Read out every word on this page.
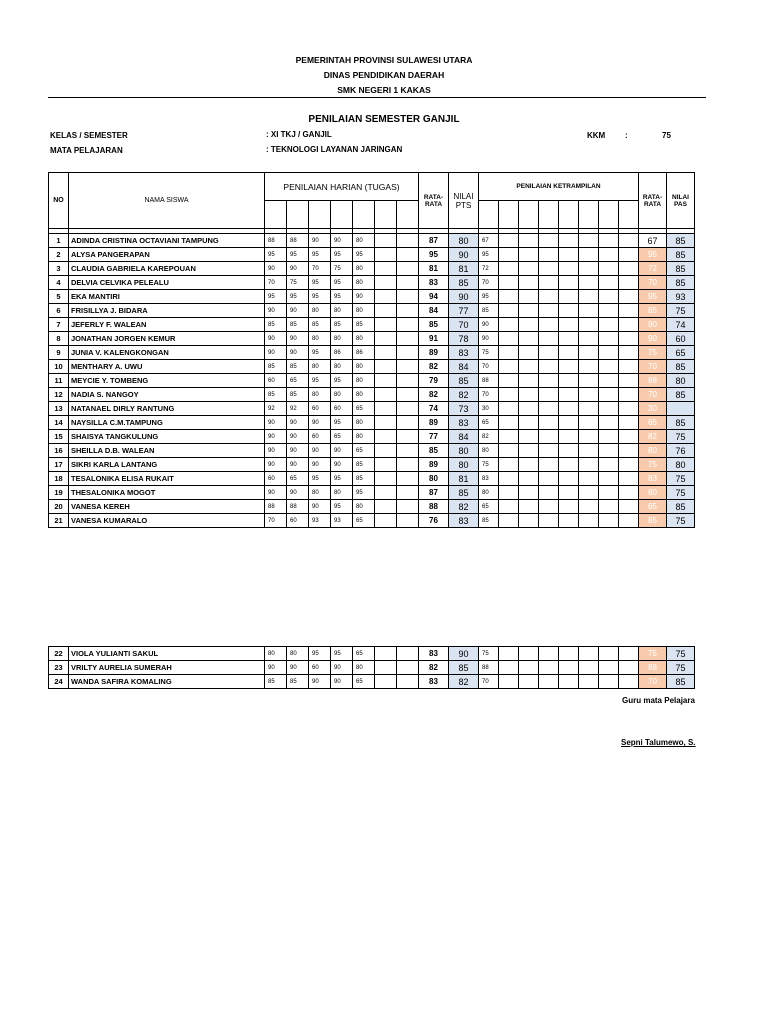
PEMERINTAH PROVINSI SULAWESI UTARA
DINAS PENDIDIKAN DAERAH
SMK NEGERI 1 KAKAS
PENILAIAN SEMESTER GANJIL
KELAS / SEMESTER	: XI TKJ / GANJIL	KKM :	75
MATA PELAJARAN	: TEKNOLOGI LAYANAN JARINGAN
NO	NAMA SISWA	PENILAIAN HARIAN (TUGAS)							RATA-RATA	NILAI PTS	PENILAIAN KETRAMPILAN								RATA-RATA	NILAI PAS

1	ADINDA CRISTINA OCTAVIANI TAMPUNG	88	88	90	90	80			87	80	67								67	85
2	ALYSA PANGERAPAN	95	95	95	95	95			95	90	95								95	85
3	CLAUDIA GABRIELA KAREPOUAN	90	90	70	75	80			81	81	72								72	85
4	DELVIA CELVIKA PELEALU	70	75	95	95	80			83	85	70								70	85
5	EKA MANTIRI	95	95	95	95	90			94	90	95								95	93
6	FRISILLYA J. BIDARA	90	90	80	80	80			84	77	85								85	75
7	JEFERLY F. WALEAN	85	85	85	85	85			85	70	90								90	74
8	JONATHAN JORGEN KEMUR	90	90	80	80	80			91	78	90								90	60
9	JUNIA V. KALENGKONGAN	90	90	95	86	86			89	83	75								75	65
10	MENTHARY A. UWU	85	85	80	80	80			82	84	70								70	85
11	MEYCIE Y. TOMBENG	60	65	95	95	80			79	85	88								88	80
12	NADIA S. NANGOY	85	85	80	80	80			82	82	70								70	85
13	NATANAEL DIRLY RANTUNG	92	92	60	60	65			74	73	30								30	
14	NAYSILLA C.M.TAMPUNG	90	90	90	95	80			89	83	65								65	85
15	SHAISYA TANGKULUNG	90	90	60	65	80			77	84	82								82	75
16	SHEILLA D.B. WALEAN	90	90	90	90	65			85	80	80								80	76
17	SIKRI KARLA LANTANG	90	90	90	90	85			89	80	75								75	80
18	TESALONIKA ELISA RUKAIT	60	65	95	95	85			80	81	83								83	75
19	THESALONIKA MOGOT	90	90	80	80	95			87	85	80								80	75
20	VANESA KEREH	88	88	90	95	80			88	82	65								65	85
21	VANESA KUMARALO	70	60	93	93	65			76	83	85								85	75
22	VIOLA YULIANTI SAKUL	80	80	95	95	65			83	90	75								75	75
23	VRILTY AURELIA SUMERAH	90	90	60	90	80			82	85	88								88	75
24	WANDA SAFIRA KOMALING	85	85	90	90	65			83	82	70								70	85
Guru mata Pelajara
Sepni Talumewo, S.
